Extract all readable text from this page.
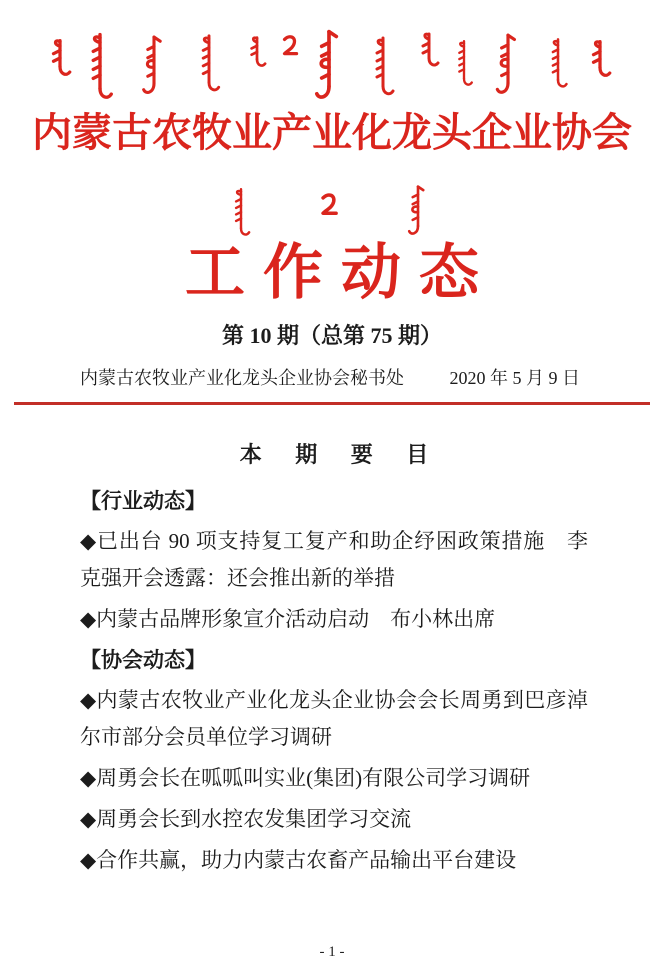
内蒙古农牧业产业化龙头企业协会
工作动态
第 10 期（总第 75 期）
内蒙古农牧业产业化龙头企业协会秘书处	2020 年 5 月 9 日
本 期 要 目

【行业动态】

◆已出台 90 项支持复工复产和助企纾困政策措施　李克强开会透露：还会推出新的举措

◆内蒙古品牌形象宣介活动启动　布小林出席

【协会动态】

◆内蒙古农牧业产业化龙头企业协会会长周勇到巴彦淖尔市部分会员单位学习调研

◆周勇会长在呱呱叫实业(集团)有限公司学习调研

◆周勇会长到水控农发集团学习交流

◆合作共赢，助力内蒙古农畜产品输出平台建设

- 1 -
